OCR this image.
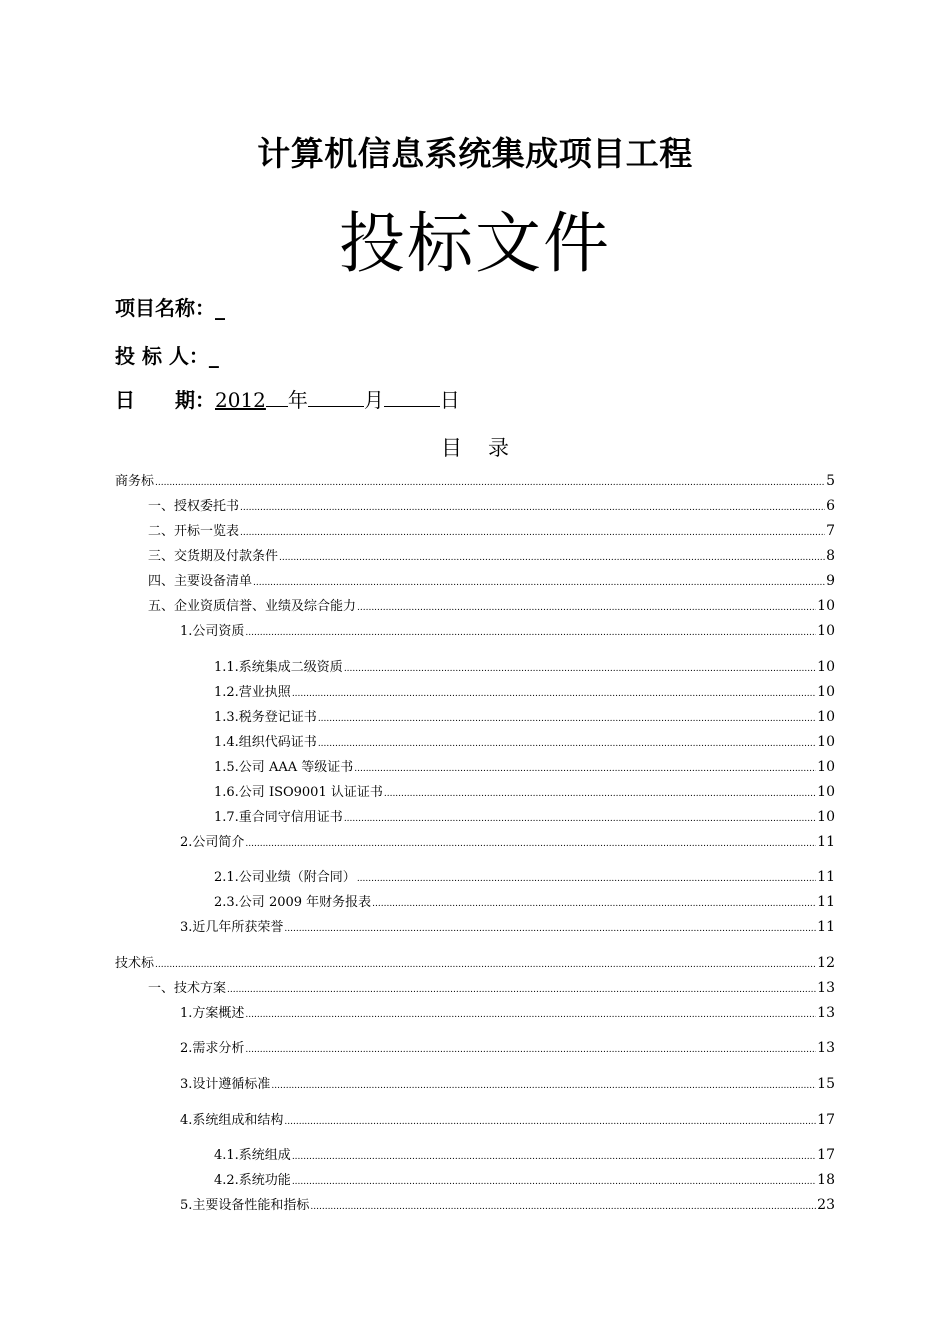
计算机信息系统集成项目工程
投标文件
项目名称：_
投 标 人：_
日　　期：2012 年	月	日
目录
商务标 .....	5
一、授权委托书 .....	6
二、开标一览表 .....	7
三、交货期及付款条件 .....	8
四、主要设备清单 .....	9
五、企业资质信誉、业绩及综合能力 .....	10
1.公司资质 .....	10
1.1.系统集成二级资质 .....	10
1.2.营业执照 .....	10
1.3.税务登记证书 .....	10
1.4.组织代码证书 .....	10
1.5.公司 AAA 等级证书 .....	10
1.6.公司 ISO9001 认证证书 .....	10
1.7.重合同守信用证书 .....	10
2.公司简介 .....	11
2.1.公司业绩（附合同） .....	11
2.3.公司 2009 年财务报表 .....	11
3.近几年所获荣誉 .....	11
技术标 .....	12
一、技术方案 .....	13
1.方案概述 .....	13
2.需求分析 .....	13
3.设计遵循标准 .....	15
4.系统组成和结构 .....	17
4.1.系统组成 .....	17
4.2.系统功能 .....	18
5.主要设备性能和指标 .....	23
